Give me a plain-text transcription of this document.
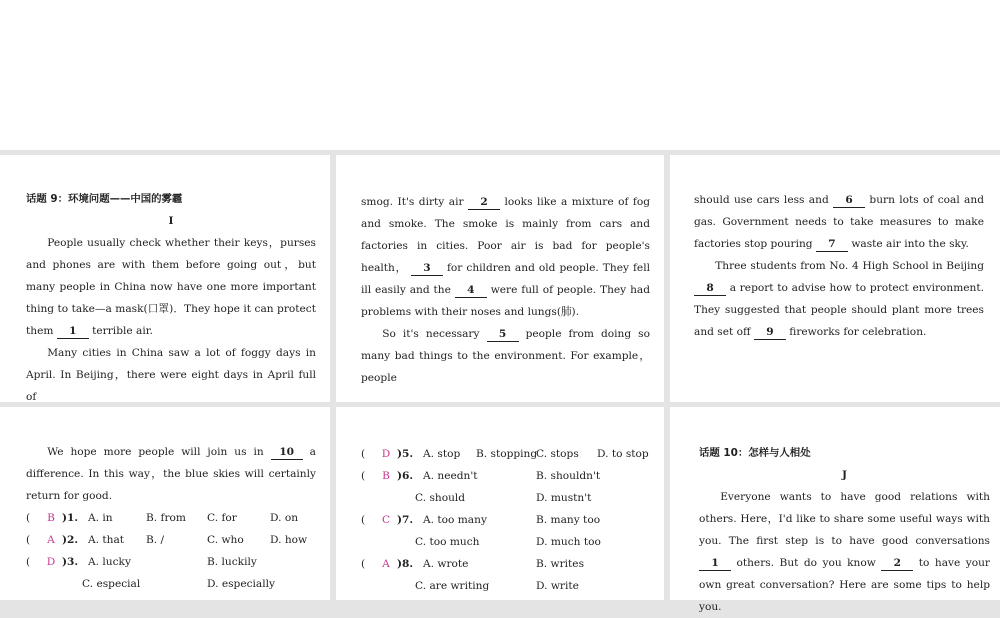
话题 9：环境问题——中国的雾霾

I

People usually check whether their keys，purses and phones are with them before going out，but many people in China now have one more important thing to take—a mask(口罩)．They hope it can protect them 1 terrible air.

Many cities in China saw a lot of foggy days in April. In Beijing，there were eight days in April full of

smog. It's dirty air 2 looks like a mixture of fog and smoke. The smoke is mainly from cars and factories in cities. Poor air is bad for people's health， 3 for children and old people. They fell ill easily and the 4 were full of people. They had problems with their noses and lungs(肺).

So it's necessary 5 people from doing so many bad things to the environment. For example，people

should use cars less and 6 burn lots of coal and gas. Government needs to take measures to make factories stop pouring 7 waste air into the sky.

Three students from No. 4 High School in Beijing 8 a report to advise how to protect environment. They suggested that people should plant more trees and set off 9 fireworks for celebration.

We hope more people will join us in 10 a difference. In this way，the blue skies will certainly return for good.

(	B )1. A. in	B. from	C. for	D. on
(	A )2. A. that	B. /	C. who	D. how
(	D )3. A. lucky	B. luckily
C. especial	D. especially
(	D )5. A. stop	B. stopping
C. stops	D. to stop
(	B )6. A. needn't	B. shouldn't
C. should	D. mustn't
(	C )7. A. too many	B. many too
C. too much	D. much too
(	A )8. A. wrote	B. writes
C. are writing	D. write

话题 10：怎样与人相处

J

Everyone wants to have good relations with others. Here，I'd like to share some useful ways with you. The first step is to have good conversations 1 others. But do you know 2 to have your own great conversation? Here are some tips to help you.
